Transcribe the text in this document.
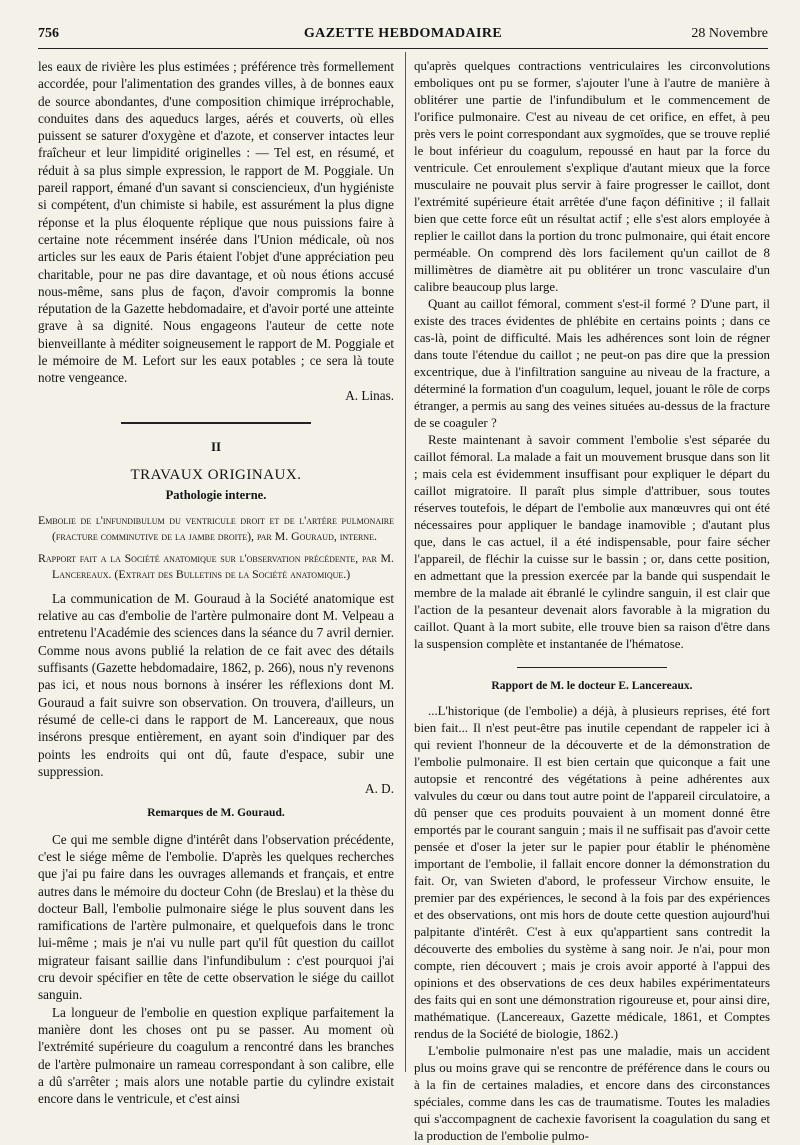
756	GAZETTE HEBDOMADAIRE	28 Novembre

les eaux de rivière les plus estimées ; préférence très formellement accordée, pour l'alimentation des grandes villes, à de bonnes eaux de source abondantes, d'une composition chimique irréprochable, conduites dans des aqueducs larges, aérés et couverts, où elles puissent se saturer d'oxygène et d'azote, et conserver intactes leur fraîcheur et leur limpidité originelles : — Tel est, en résumé, et réduit à sa plus simple expression, le rapport de M. Poggiale. Un pareil rapport, émané d'un savant si consciencieux, d'un hygiéniste si compétent, d'un chimiste si habile, est assurément la plus digne réponse et la plus éloquente réplique que nous puissions faire à certaine note récemment insérée dans l'Union médicale, où nos articles sur les eaux de Paris étaient l'objet d'une appréciation peu charitable, pour ne pas dire davantage, et où nous étions accusé nous-même, sans plus de façon, d'avoir compromis la bonne réputation de la Gazette hebdomadaire, et d'avoir porté une atteinte grave à sa dignité. Nous engageons l'auteur de cette note bienveillante à méditer soigneusement le rapport de M. Poggiale et le mémoire de M. Lefort sur les eaux potables ; ce sera là toute notre vengeance.

A. Linas.
II
TRAVAUX ORIGINAUX.
Pathologie interne.

Embolie de l'infundibulum du ventricule droit et de l'artère pulmonaire (fracture comminutive de la jambe droite), par M. Gouraud, interne.

Rapport fait a la Société anatomique sur l'observation précédente, par M. Lancereaux. (Extrait des Bulletins de la Société anatomique.)

La communication de M. Gouraud à la Société anatomique est relative au cas d'embolie de l'artère pulmonaire dont M. Velpeau a entretenu l'Académie des sciences dans la séance du 7 avril dernier. Comme nous avons publié la relation de ce fait avec des détails suffisants (Gazette hebdomadaire, 1862, p. 266), nous n'y revenons pas ici, et nous nous bornons à insérer les réflexions dont M. Gouraud a fait suivre son observation. On trouvera, d'ailleurs, un résumé de celle-ci dans le rapport de M. Lancereaux, que nous insérons presque entièrement, en ayant soin d'indiquer par des points les endroits qui ont dû, faute d'espace, subir une suppression.

A. D.
Remarques de M. Gouraud.

Ce qui me semble digne d'intérêt dans l'observation précédente, c'est le siége même de l'embolie. D'après les quelques recherches que j'ai pu faire dans les ouvrages allemands et français, et entre autres dans le mémoire du docteur Cohn (de Breslau) et la thèse du docteur Ball, l'embolie pulmonaire siége le plus souvent dans les ramifications de l'artère pulmonaire, et quelquefois dans le tronc lui-même ; mais je n'ai vu nulle part qu'il fût question du caillot migrateur faisant saillie dans l'infundibulum : c'est pourquoi j'ai cru devoir spécifier en tête de cette observation le siége du caillot sanguin.

La longueur de l'embolie en question explique parfaitement la manière dont les choses ont pu se passer. Au moment où l'extrémité supérieure du coagulum a rencontré dans les branches de l'artère pulmonaire un rameau correspondant à son calibre, elle a dû s'arrêter ; mais alors une notable partie du cylindre existait encore dans le ventricule, et c'est ainsi

qu'après quelques contractions ventriculaires les circonvolutions emboliques ont pu se former, s'ajouter l'une à l'autre de manière à oblitérer une partie de l'infundibulum et le commencement de l'orifice pulmonaire. C'est au niveau de cet orifice, en effet, à peu près vers le point correspondant aux sygmoïdes, que se trouve replié le bout inférieur du coagulum, repoussé en haut par la force du ventricule. Cet enroulement s'explique d'autant mieux que la force musculaire ne pouvait plus servir à faire progresser le caillot, dont l'extrémité supérieure était arrêtée d'une façon définitive ; il fallait bien que cette force eût un résultat actif ; elle s'est alors employée à replier le caillot dans la portion du tronc pulmonaire, qui était encore perméable. On comprend dès lors facilement qu'un caillot de 8 millimètres de diamètre ait pu oblitérer un tronc vasculaire d'un calibre beaucoup plus large.

Quant au caillot fémoral, comment s'est-il formé ? D'une part, il existe des traces évidentes de phlébite en certains points ; dans ce cas-là, point de difficulté. Mais les adhérences sont loin de régner dans toute l'étendue du caillot ; ne peut-on pas dire que la pression excentrique, due à l'infiltration sanguine au niveau de la fracture, a déterminé la formation d'un coagulum, lequel, jouant le rôle de corps étranger, a permis au sang des veines situées au-dessus de la fracture de se coaguler ?

Reste maintenant à savoir comment l'embolie s'est séparée du caillot fémoral. La malade a fait un mouvement brusque dans son lit ; mais cela est évidemment insuffisant pour expliquer le départ du caillot migratoire. Il paraît plus simple d'attribuer, sous toutes réserves toutefois, le départ de l'embolie aux manœuvres qui ont été nécessaires pour appliquer le bandage inamovible ; d'autant plus que, dans le cas actuel, il a été indispensable, pour faire sécher l'appareil, de fléchir la cuisse sur le bassin ; or, dans cette position, en admettant que la pression exercée par la bande qui suspendait le membre de la malade ait ébranlé le cylindre sanguin, il est clair que l'action de la pesanteur devenait alors favorable à la migration du caillot. Quant à la mort subite, elle trouve bien sa raison d'être dans la suspension complète et instantanée de l'hématose.

Rapport de M. le docteur E. Lancereaux.

...L'historique (de l'embolie) a déjà, à plusieurs reprises, été fort bien fait... Il n'est peut-être pas inutile cependant de rappeler ici à qui revient l'honneur de la découverte et de la démonstration de l'embolie pulmonaire. Il est bien certain que quiconque a fait une autopsie et rencontré des végétations à peine adhérentes aux valvules du cœur ou dans tout autre point de l'appareil circulatoire, a dû penser que ces produits pouvaient à un moment donné être emportés par le courant sanguin ; mais il ne suffisait pas d'avoir cette pensée et d'oser la jeter sur le papier pour établir le phénomène important de l'embolie, il fallait encore donner la démonstration du fait. Or, van Swieten d'abord, le professeur Virchow ensuite, le premier par des expériences, le second à la fois par des expériences et des observations, ont mis hors de doute cette question aujourd'hui palpitante d'intérêt. C'est à eux qu'appartient sans contredit la découverte des embolies du système à sang noir. Je n'ai, pour mon compte, rien découvert ; mais je crois avoir apporté à l'appui des opinions et des observations de ces deux habiles expérimentateurs des faits qui en sont une démonstration rigoureuse et, pour ainsi dire, mathématique. (Lancereaux, Gazette médicale, 1861, et Comptes rendus de la Société de biologie, 1862.)

L'embolie pulmonaire n'est pas une maladie, mais un accident plus ou moins grave qui se rencontre de préférence dans le cours ou à la fin de certaines maladies, et encore dans des circonstances spéciales, comme dans les cas de traumatisme. Toutes les maladies qui s'accompagnent de cachexie favorisent la coagulation du sang et la production de l'embolie pulmo-
